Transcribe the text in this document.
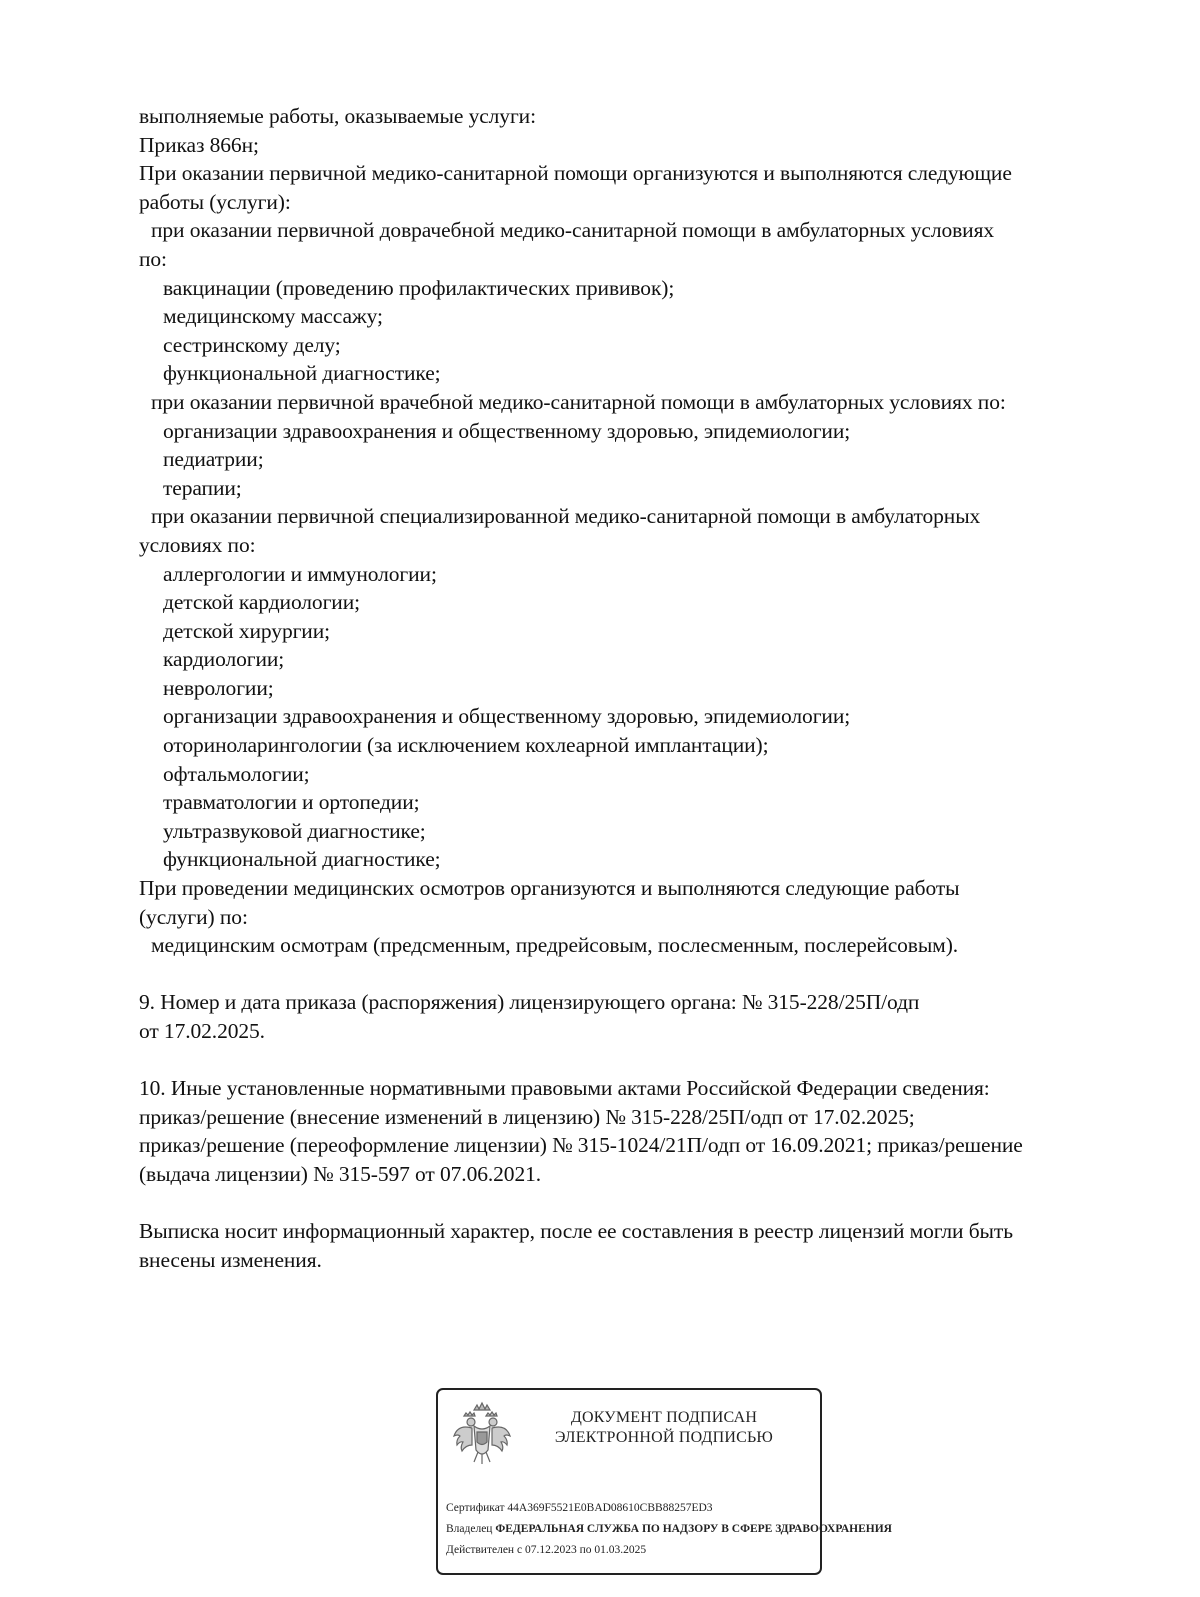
выполняемые работы, оказываемые услуги:
Приказ 866н;
При оказании первичной медико-санитарной помощи организуются и выполняются следующие
работы (услуги):
при оказании первичной доврачебной медико-санитарной помощи в амбулаторных условиях
по:
вакцинации (проведению профилактических прививок);
медицинскому массажу;
сестринскому делу;
функциональной диагностике;
при оказании первичной врачебной медико-санитарной помощи в амбулаторных условиях по:
организации здравоохранения и общественному здоровью, эпидемиологии;
педиатрии;
терапии;
при оказании первичной специализированной медико-санитарной помощи в амбулаторных
условиях по:
аллергологии и иммунологии;
детской кардиологии;
детской хирургии;
кардиологии;
неврологии;
организации здравоохранения и общественному здоровью, эпидемиологии;
оториноларингологии (за исключением кохлеарной имплантации);
офтальмологии;
травматологии и ортопедии;
ультразвуковой диагностике;
функциональной диагностике;
При проведении медицинских осмотров организуются и выполняются следующие работы
(услуги) по:
медицинским осмотрам (предсменным, предрейсовым, послесменным, послерейсовым).
9. Номер и дата приказа (распоряжения) лицензирующего органа: № 315-228/25П/одп
от 17.02.2025.
10. Иные установленные нормативными правовыми актами Российской Федерации сведения:
приказ/решение (внесение изменений в лицензию) № 315-228/25П/одп от 17.02.2025;
приказ/решение (переоформление лицензии) № 315-1024/21П/одп от 16.09.2021; приказ/решение
(выдача лицензии) № 315-597 от 07.06.2021.
Выписка носит информационный характер, после ее составления в реестр лицензий могли быть
внесены изменения.
ДОКУМЕНТ ПОДПИСАН
ЭЛЕКТРОННОЙ ПОДПИСЬЮ
Сертификат 44A369F5521E0BAD08610CBB88257ED3
Владелец ФЕДЕРАЛЬНАЯ СЛУЖБА ПО НАДЗОРУ В СФЕРЕ ЗДРАВООХРАНЕНИЯ
Действителен с 07.12.2023 по 01.03.2025
